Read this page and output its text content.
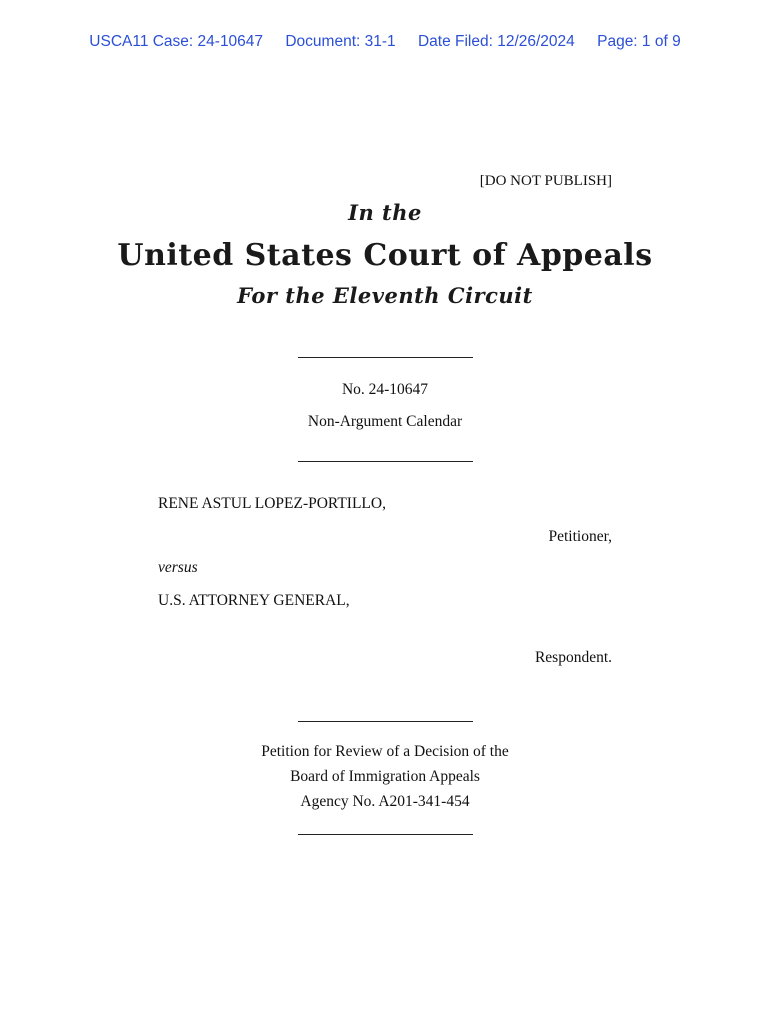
USCA11 Case: 24-10647 Document: 31-1 Date Filed: 12/26/2024 Page: 1 of 9
[DO NOT PUBLISH]
In the
United States Court of Appeals
For the Eleventh Circuit
No. 24-10647
Non-Argument Calendar
RENE ASTUL LOPEZ-PORTILLO,
Petitioner,
versus
U.S. ATTORNEY GENERAL,
Respondent.
Petition for Review of a Decision of the
Board of Immigration Appeals
Agency No. A201-341-454
